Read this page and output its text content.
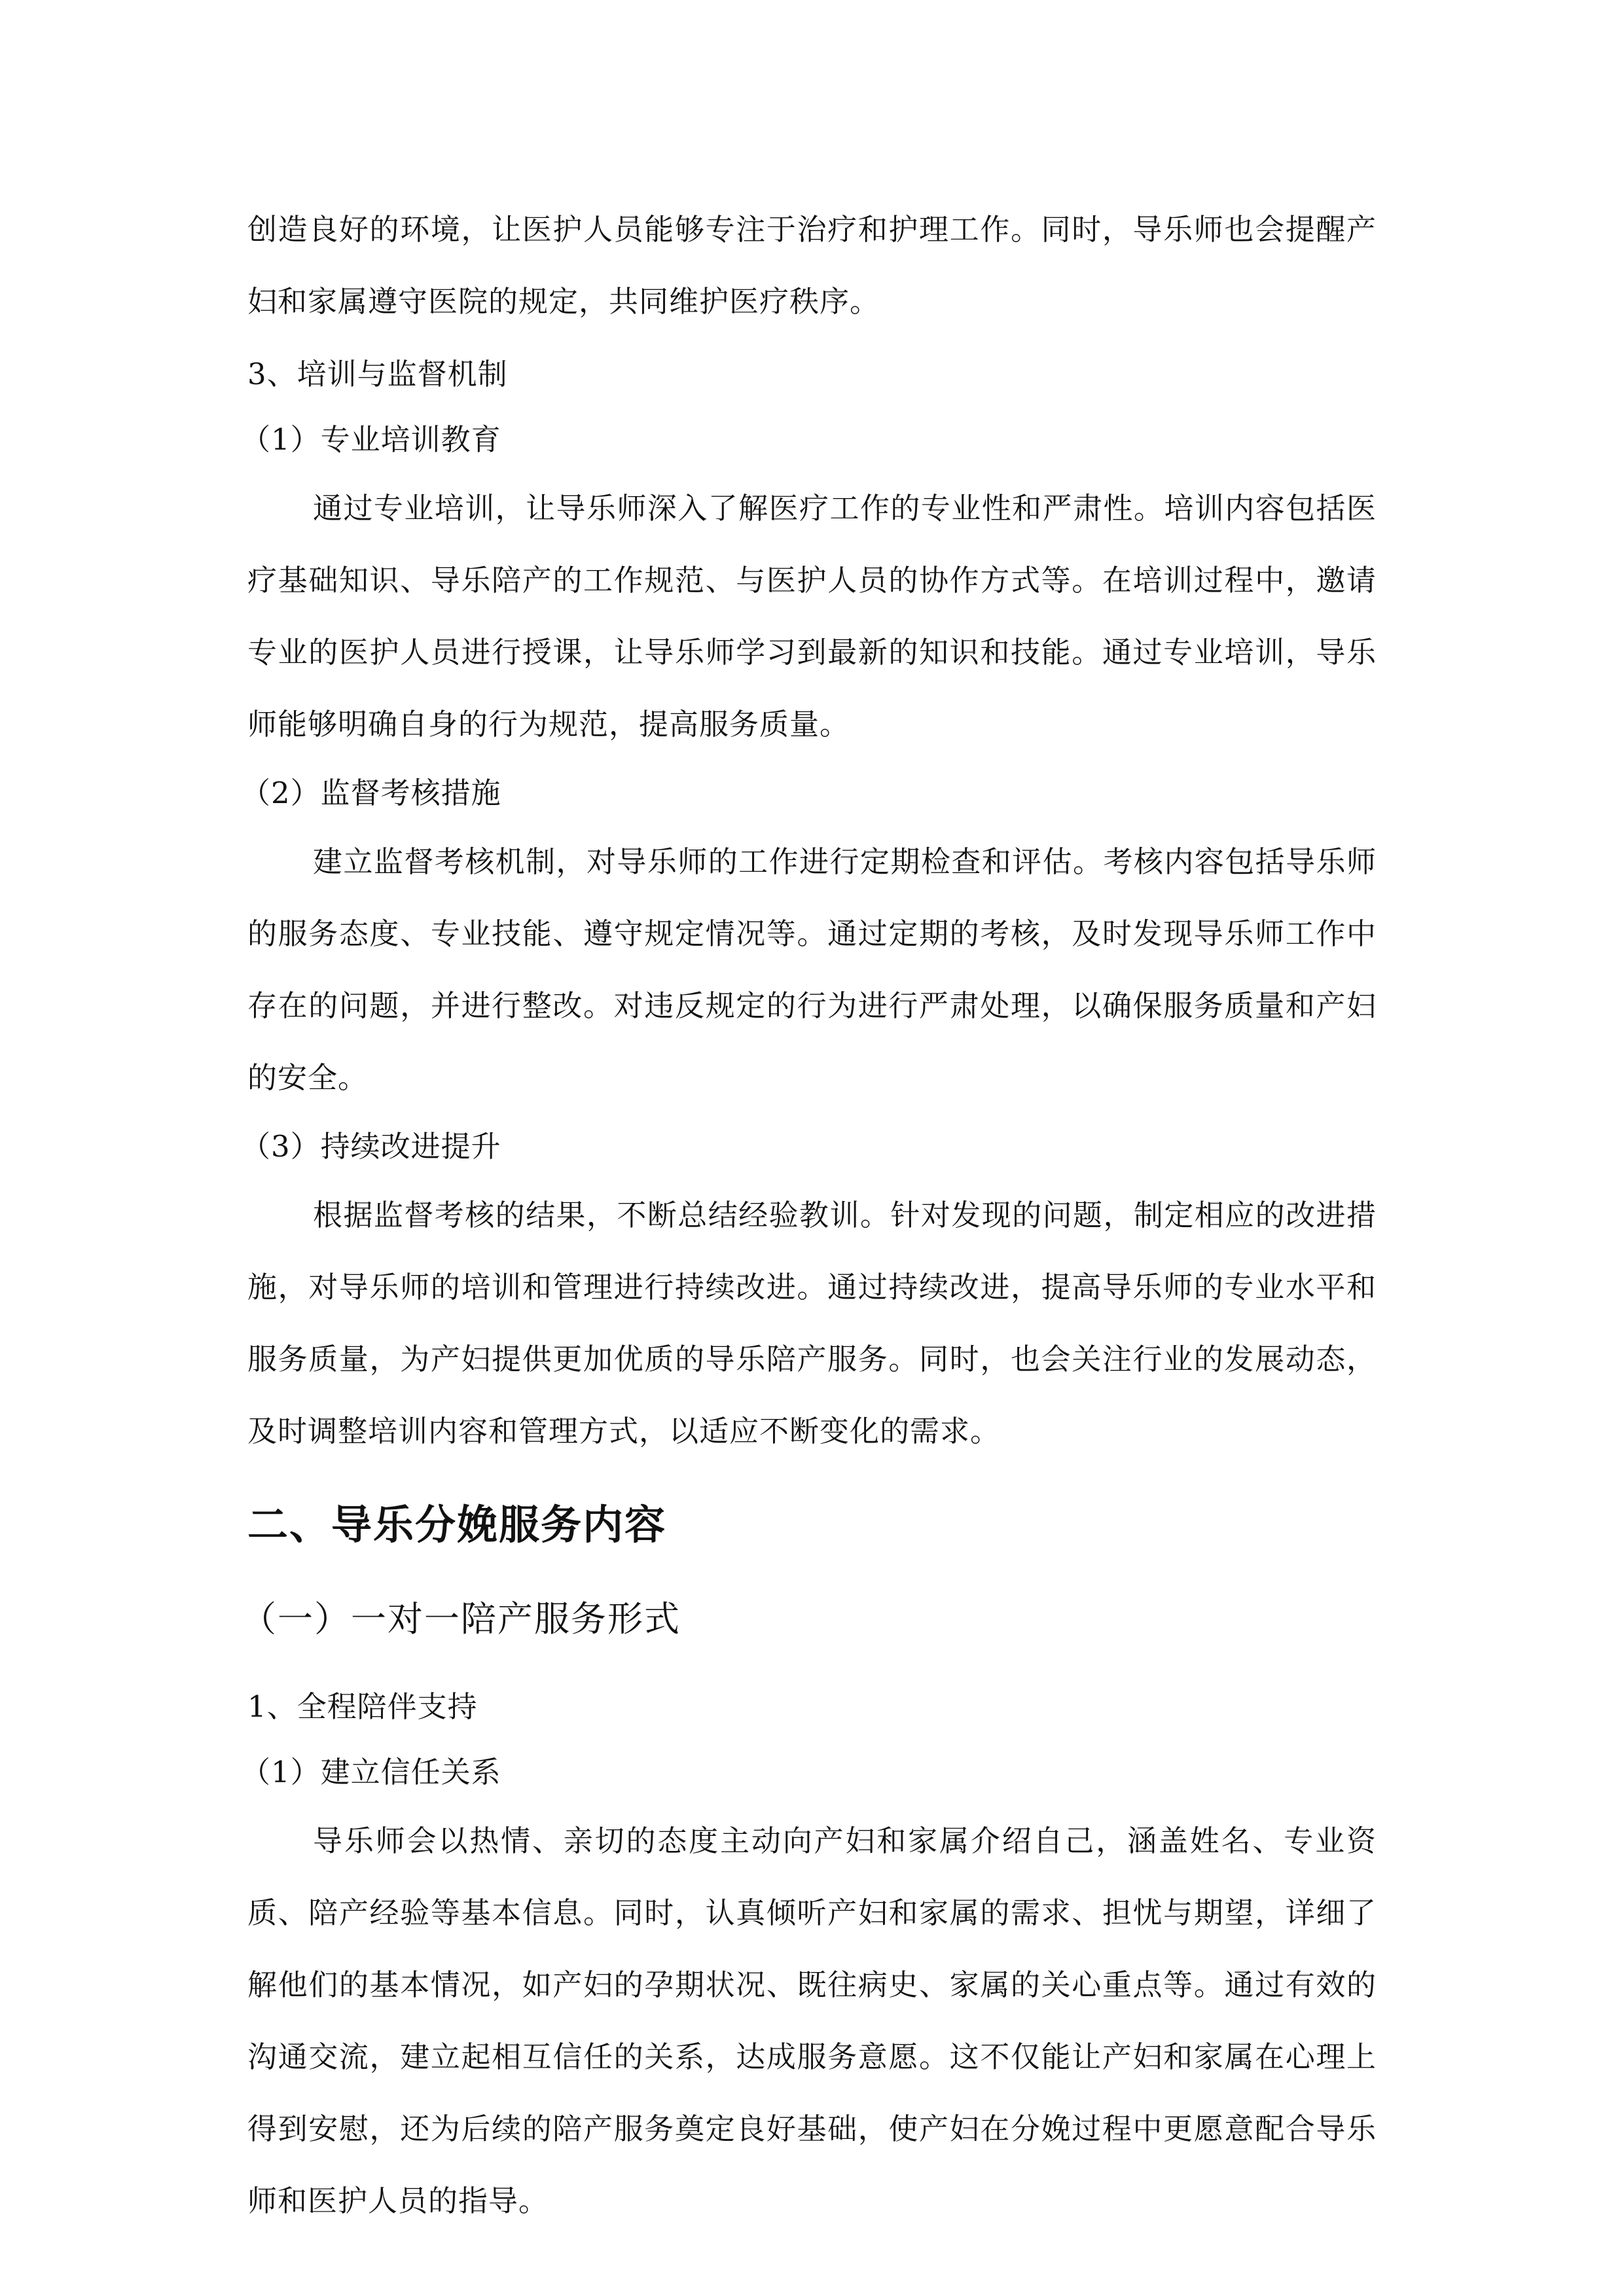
创造良好的环境，让医护人员能够专注于治疗和护理工作。同时，导乐师也会提醒产妇和家属遵守医院的规定，共同维护医疗秩序。

3、培训与监督机制

（1）专业培训教育

通过专业培训，让导乐师深入了解医疗工作的专业性和严肃性。培训内容包括医疗基础知识、导乐陪产的工作规范、与医护人员的协作方式等。在培训过程中，邀请专业的医护人员进行授课，让导乐师学习到最新的知识和技能。通过专业培训，导乐师能够明确自身的行为规范，提高服务质量。

（2）监督考核措施

建立监督考核机制，对导乐师的工作进行定期检查和评估。考核内容包括导乐师的服务态度、专业技能、遵守规定情况等。通过定期的考核，及时发现导乐师工作中存在的问题，并进行整改。对违反规定的行为进行严肃处理，以确保服务质量和产妇的安全。

（3）持续改进提升

根据监督考核的结果，不断总结经验教训。针对发现的问题，制定相应的改进措施，对导乐师的培训和管理进行持续改进。通过持续改进，提高导乐师的专业水平和服务质量，为产妇提供更加优质的导乐陪产服务。同时，也会关注行业的发展动态，及时调整培训内容和管理方式，以适应不断变化的需求。

二、导乐分娩服务内容
（一）一对一陪产服务形式

1、全程陪伴支持

（1）建立信任关系

导乐师会以热情、亲切的态度主动向产妇和家属介绍自己，涵盖姓名、专业资质、陪产经验等基本信息。同时，认真倾听产妇和家属的需求、担忧与期望，详细了解他们的基本情况，如产妇的孕期状况、既往病史、家属的关心重点等。通过有效的沟通交流，建立起相互信任的关系，达成服务意愿。这不仅能让产妇和家属在心理上得到安慰，还为后续的陪产服务奠定良好基础，使产妇在分娩过程中更愿意配合导乐师和医护人员的指导。
